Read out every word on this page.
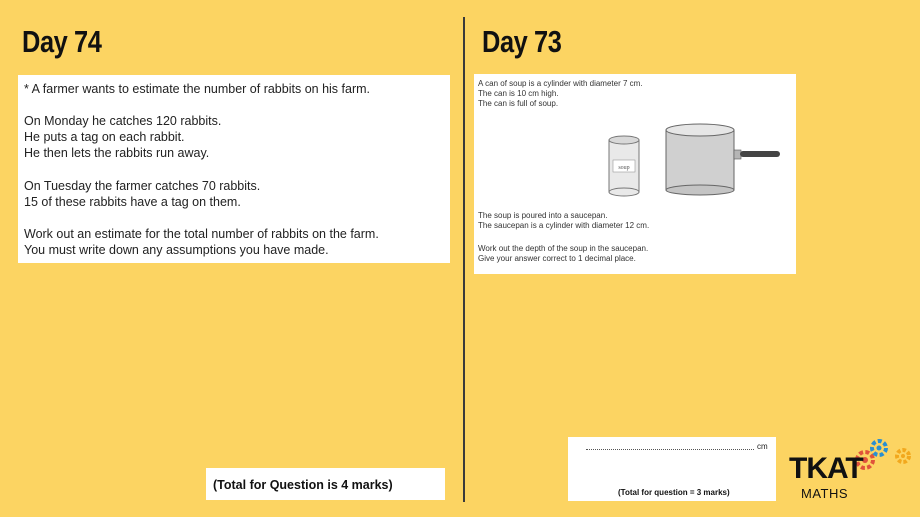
Day 74	Day 73

* A farmer wants to estimate the number of rabbits on his farm.

On Monday he catches 120 rabbits.

He puts a tag on each rabbit.

He then lets the rabbits run away.

On Tuesday the farmer catches 70 rabbits.

15 of these rabbits have a tag on them.

Work out an estimate for the total number of rabbits on the farm.

You must write down any assumptions you have made.

(Total for Question is 4 marks)
A can of soup is a cylinder with diameter 7 cm.
The can is 10 cm high.
The can is full of soup.
soup
The soup is poured into a saucepan.
The saucepan is a cylinder with diameter 12 cm.
Work out the depth of the soup in the saucepan.
Give your answer correct to 1 decimal place.
cm
(Total for question = 3 marks)
TKAT
MATHS
